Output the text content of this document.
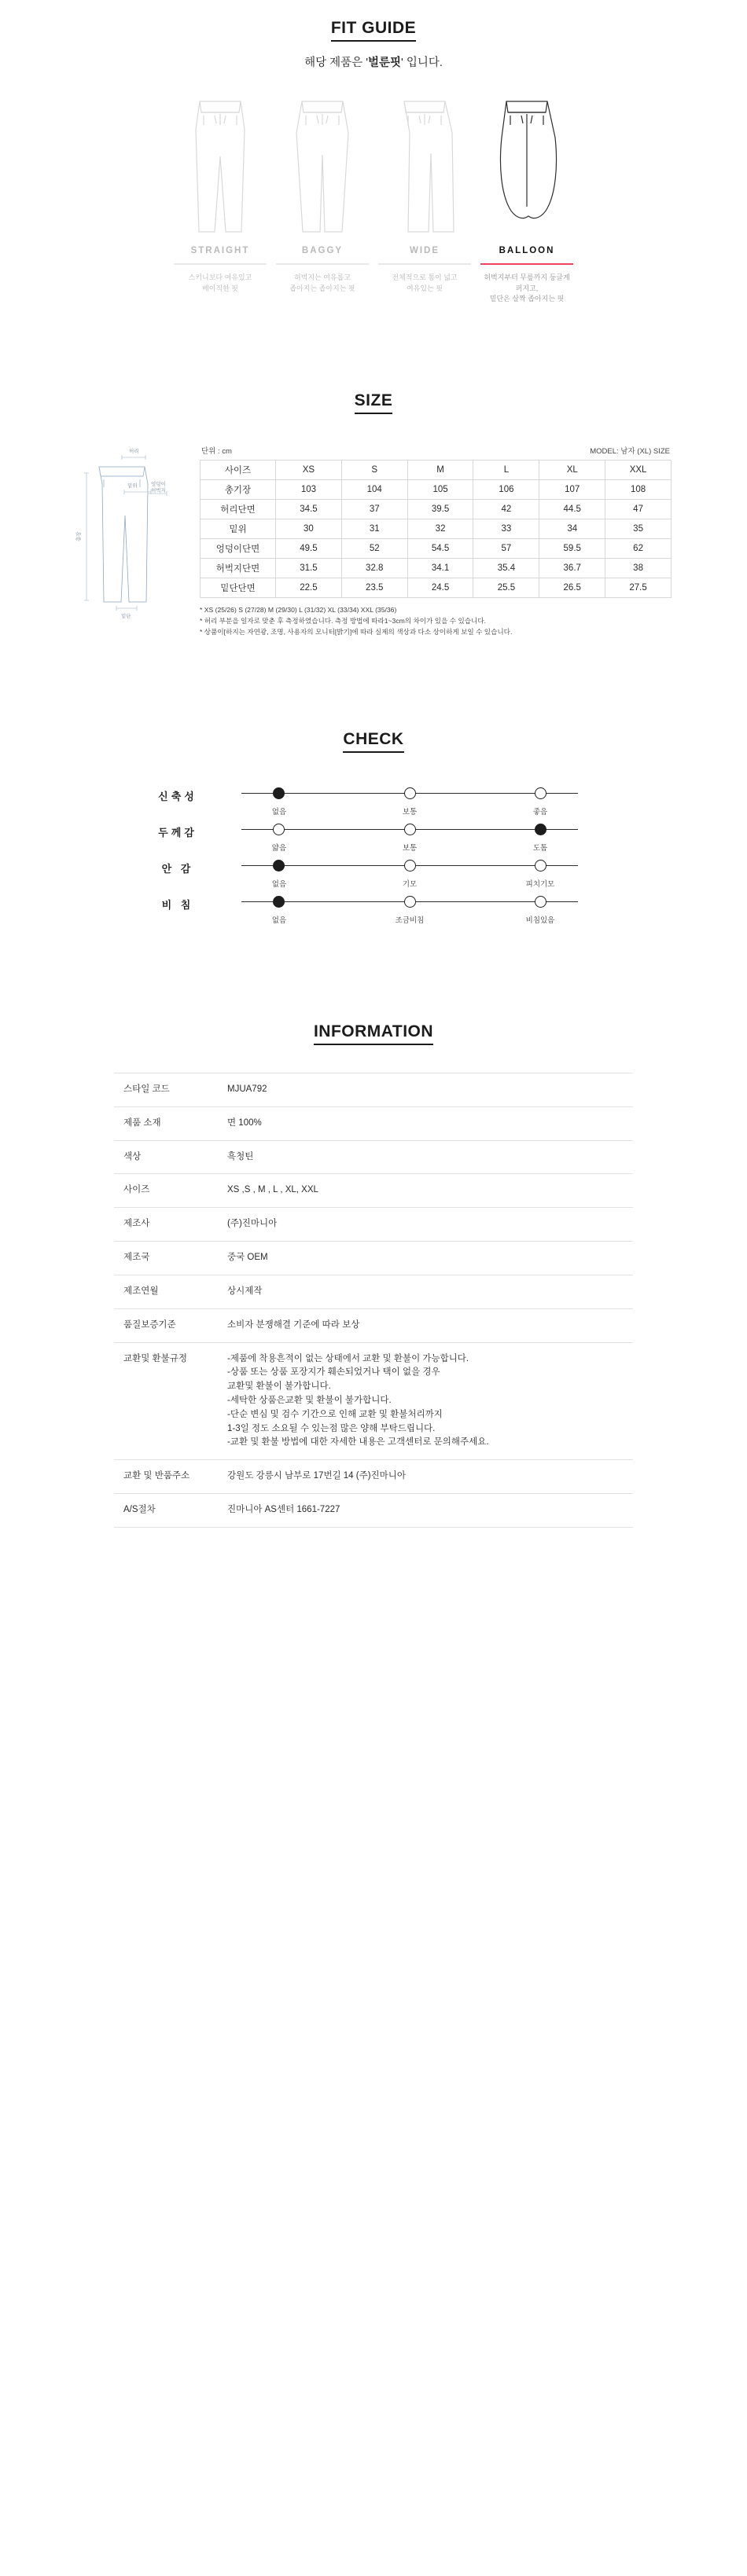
FIT GUIDE
해당 제품은 '벌룬핏' 입니다.
STRAIGHT
스키니보다 여유있고
베이직한 핏
BAGGY
허벅지는 여유롭고
좁아지는 좁아지는 핏
WIDE
전체적으로 통이 넓고
여유있는 핏
BALLOON
허벅지부터 무릎까지 둥글게 퍼지고,
밑단은 살짝 좁아지는 핏
SIZE
허리
밑위	엉덩이
허벅지
총장
밑단
단위 : cm	MODEL: 남자 (XL) SIZE
사이즈	XS	S	M	L	XL	XXL
총기장	103	104	105	106	107	108
허리단면	34.5	37	39.5	42	44.5	47
밑위	30	31	32	33	34	35
엉덩이단면	49.5	52	54.5	57	59.5	62
허벅지단면	31.5	32.8	34.1	35.4	36.7	38
밑단단면	22.5	23.5	24.5	25.5	26.5	27.5
* XS (25/26) S (27/28) M (29/30) L (31/32) XL (33/34) XXL (35/36)
* 허리 부분을 일자로 맞춘 후 측정하였습니다. 측정 방법에 따라1~3cm의 차이가 있을 수 있습니다.
* 상품이[하지는 자연광, 조명, 사용자의 모니터[밝기]에 따라 실제의 색상과 다소 상이하게 보일 수 있습니다.
CHECK
신축성
없음	보통	좋음
두께감
얇음	보통	도톰
안 감
없음	기모	피치기모
비 침
없음	조금비침	비침있음
INFORMATION
스타일 코드	MJUA792
제품 소재	면 100%
색상	흑청틴
사이즈	XS ,S , M , L , XL, XXL
제조사	(주)진마니아
제조국	중국 OEM
제조연월	상시제작
품질보증기준	소비자 분쟁해결 기준에 따라 보상
교환및 환불규정	-제품에 착용흔적이 없는 상태에서 교환 및 환불이 가능합니다.
-상품 또는 상품 포장지가 훼손되었거나 택이 없을 경우
교환및 환불이 불가합니다.
-세탁한 상품은교환 및 환불이 불가합니다.
-단순 변심 및 검수 기간으로 인해 교환 및 환불처리까지
1-3일 정도 소요될 수 있는점 많은 양해 부탁드립니다.
-교환 및 환불 방법에 대한 자세한 내용은 고객센터로 문의해주세요.
교환 및 반품주소	강원도 강릉시 남부로 17번길 14 (주)진마니아
A/S절차	진마니아 AS센터 1661-7227
